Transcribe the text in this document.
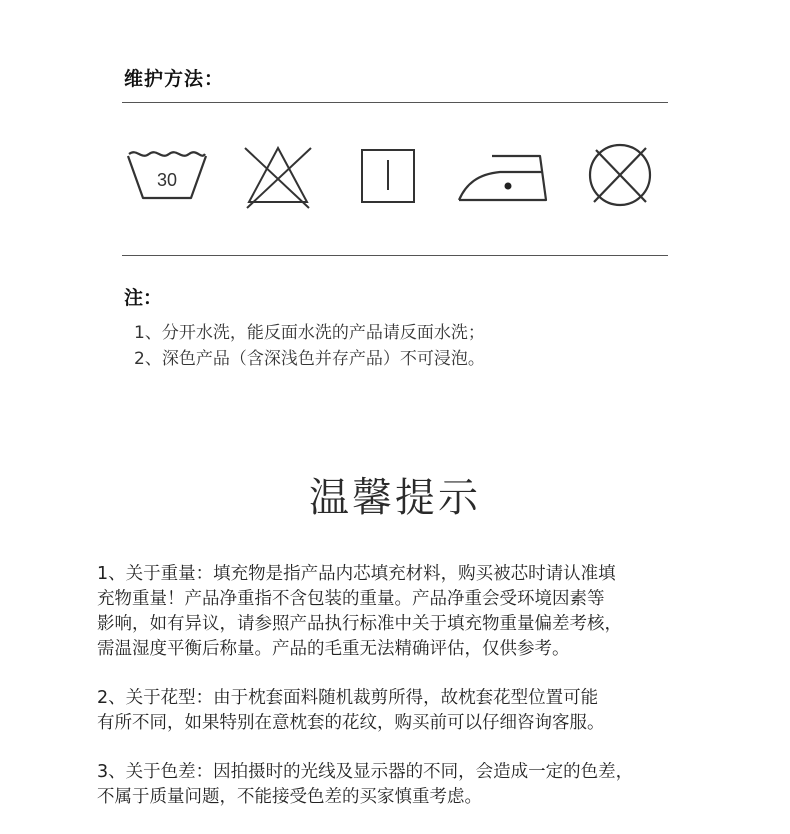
维护方法：
30
注：
1、分开水洗，能反面水洗的产品请反面水洗；
2、深色产品（含深浅色并存产品）不可浸泡。
温馨提示
1、关于重量：填充物是指产品内芯填充材料，购买被芯时请认准填
充物重量！产品净重指不含包装的重量。产品净重会受环境因素等
影响，如有异议，请参照产品执行标准中关于填充物重量偏差考核，
需温湿度平衡后称量。产品的毛重无法精确评估，仅供参考。
2、关于花型：由于枕套面料随机裁剪所得，故枕套花型位置可能
有所不同，如果特别在意枕套的花纹，购买前可以仔细咨询客服。
3、关于色差：因拍摄时的光线及显示器的不同，会造成一定的色差，
不属于质量问题，不能接受色差的买家慎重考虑。
